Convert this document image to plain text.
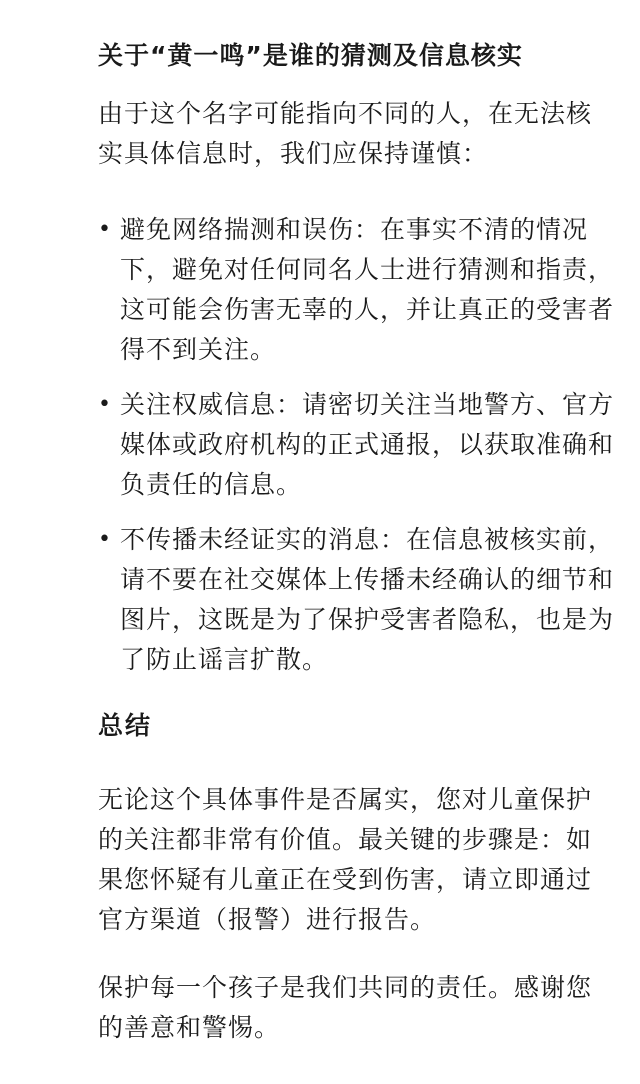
关于“黄一鸣”是谁的猜测及信息核实
由于这个名字可能指向不同的人，在无法核实具体信息时，我们应保持谨慎：
• 避免网络揣测和误伤：在事实不清的情况下，避免对任何同名人士进行猜测和指责，这可能会伤害无辜的人，并让真正的受害者得不到关注。
• 关注权威信息：请密切关注当地警方、官方媒体或政府机构的正式通报，以获取准确和负责任的信息。
• 不传播未经证实的消息：在信息被核实前，请不要在社交媒体上传播未经确认的细节和图片，这既是为了保护受害者隐私，也是为了防止谣言扩散。
总结
无论这个具体事件是否属实，您对儿童保护的关注都非常有价值。最关键的步骤是：如果您怀疑有儿童正在受到伤害，请立即通过官方渠道（报警）进行报告。
保护每一个孩子是我们共同的责任。感谢您的善意和警惕。
